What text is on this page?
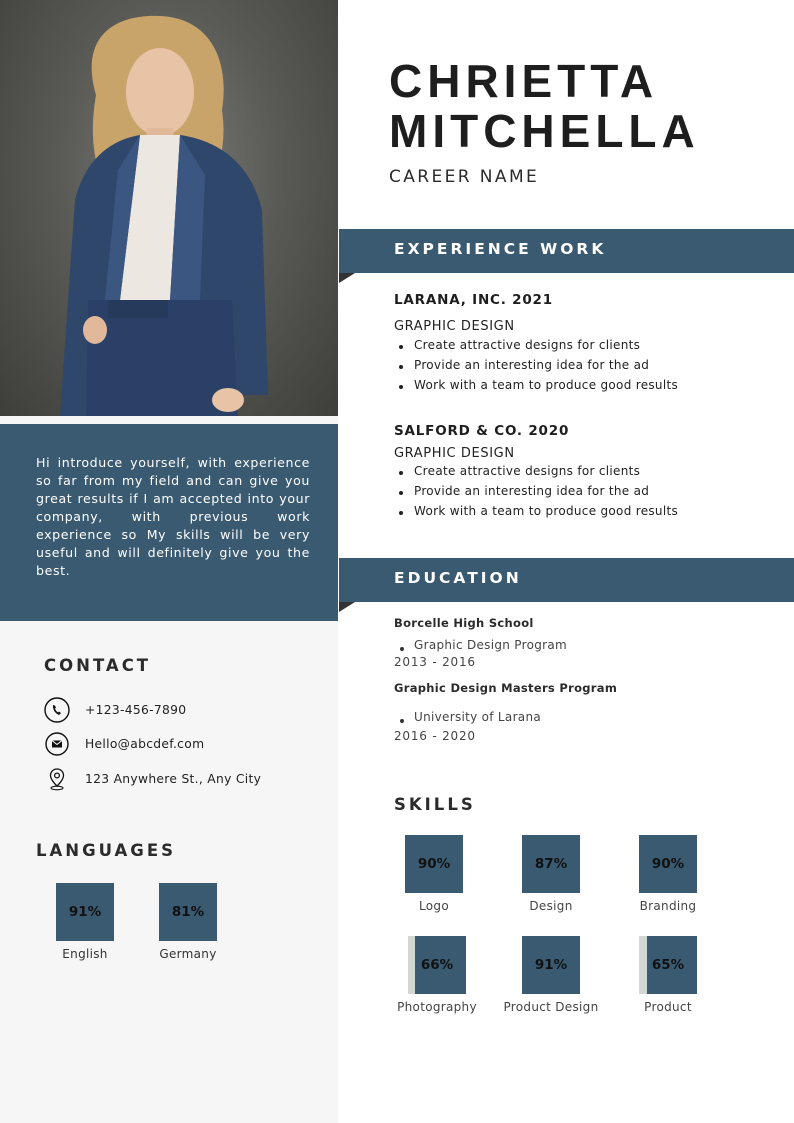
Hi introduce yourself, with experience so far from my field and can give you great results if I am accepted into your company, with previous work experience so My skills will be very useful and will definitely give you the best.

CONTACT
+123-456-7890
Hello@abcdef.com
123 Anywhere St., Any City
LANGUAGES
91%
English
81%
Germany
CHRIETTA
MITCHELLA
CAREER NAME
EXPERIENCE WORK
LARANA, INC. 2021
GRAPHIC DESIGN
Create attractive designs for clients
Provide an interesting idea for the ad
Work with a team to produce good results
SALFORD & CO. 2020
GRAPHIC DESIGN
Create attractive designs for clients
Provide an interesting idea for the ad
Work with a team to produce good results
EDUCATION
Borcelle High School
Graphic Design Program
2013 - 2016
Graphic Design Masters Program
University of Larana
2016 - 2020
SKILLS
90%
Logo
87%
Design
90%
Branding
66%
Photography
91%
Product Design
65%
Product
